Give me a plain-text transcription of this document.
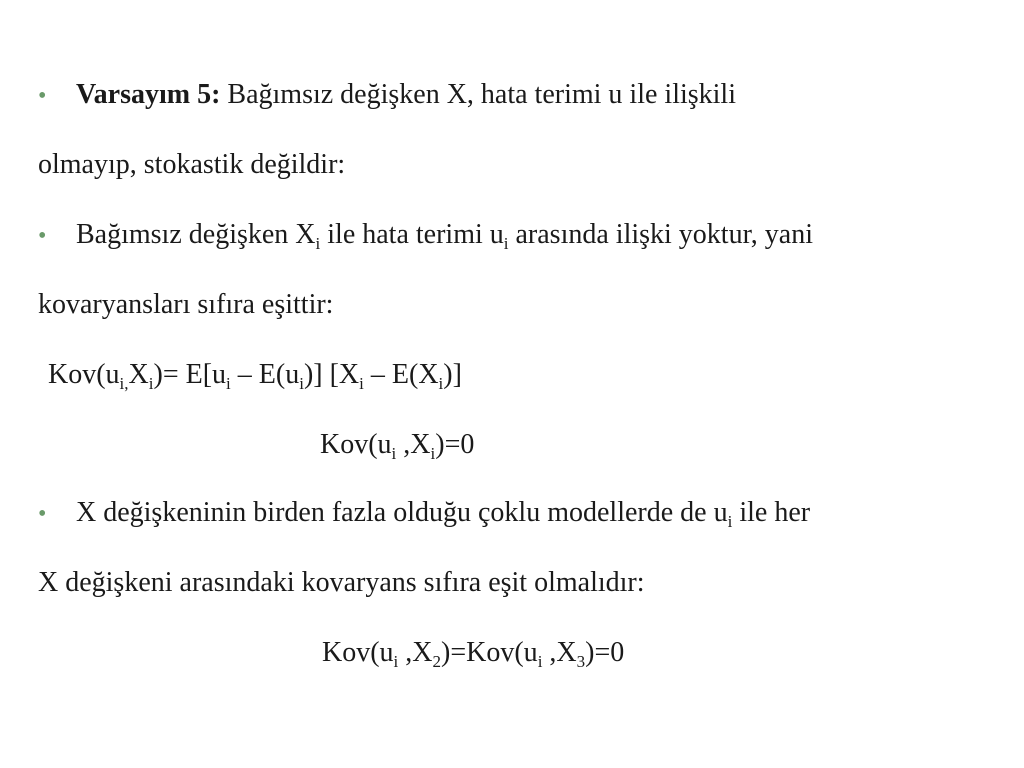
• Varsayım 5: Bağımsız değişken X, hata terimi u ile ilişkili
olmayıp, stokastik değildir:
• Bağımsız değişken $X_i$ ile hata terimi $u_i$ arasında ilişki yoktur, yani
kovaryansları sıfıra eşittir:
$Kov(u_{i,}X_i)= E[u_i - E(u_i)]$ $[X_i - E(X_i)]$
$Kov(u_i$ $,X_i)=0$
• X değişkeninin birden fazla olduğu çoklu modellerde de $u_i$ ile her
X değişkeni arasındaki kovaryans sıfıra eşit olmalıdır:
$Kov(u_i$ $,X_2)=Kov(u_i$ $,X_3)=0$
